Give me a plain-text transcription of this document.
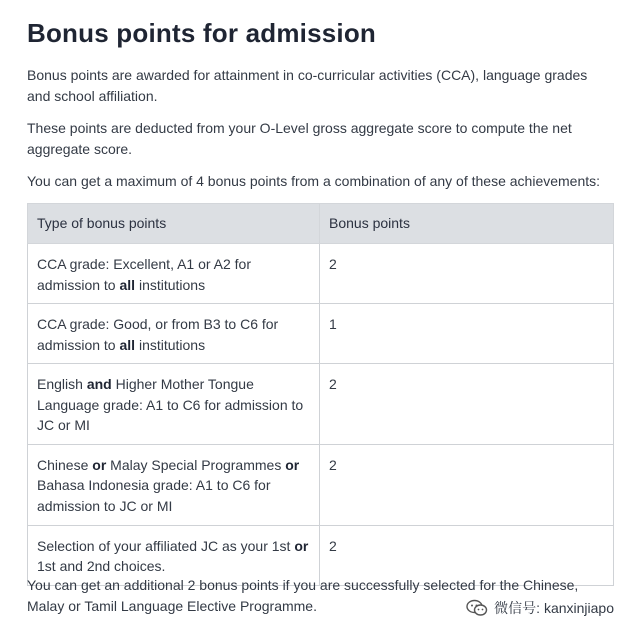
Bonus points for admission

Bonus points are awarded for attainment in co-curricular activities (CCA), language grades and school affiliation.

These points are deducted from your O-Level gross aggregate score to compute the net aggregate score.

You can get a maximum of 4 bonus points from a combination of any of these achievements:

Type of bonus points	Bonus points
CCA grade: Excellent, A1 or A2 for admission to all institutions	2
CCA grade: Good, or from B3 to C6 for admission to all institutions	1
English and Higher Mother Tongue Language grade: A1 to C6 for admission to JC or MI	2
Chinese or Malay Special Programmes or Bahasa Indonesia grade: A1 to C6 for admission to JC or MI	2
Selection of your affiliated JC as your 1st or 1st and 2nd choices.	2

You can get an additional 2 bonus points if you are successfully selected for the Chinese, Malay or Tamil Language Elective Programme.	微信号: kanxinjiapo
